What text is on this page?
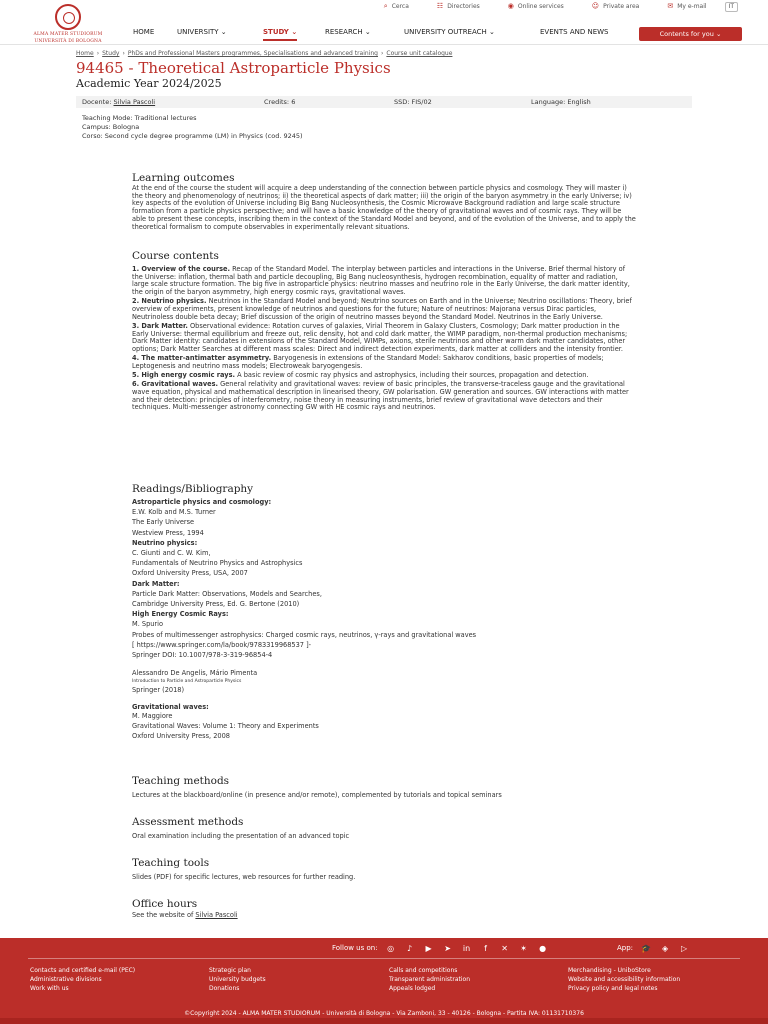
⌕ Cerca	☷ Directories	◉ Online services	☺ Private area	✉ My e-mail	IT
ALMA MATER STUDIORUM
UNIVERSITÀ DI BOLOGNA
HOME	UNIVERSITY ⌄	STUDY ⌄	RESEARCH ⌄	UNIVERSITY OUTREACH ⌄	EVENTS AND NEWS	Contents for you
⌄
Home › Study › PhDs and Professional Masters programmes, Specialisations and advanced training › Course unit catalogue
94465 - Theoretical Astroparticle Physics
Academic Year 2024/2025
Docente: Silvia Pascoli	Credits: 6	SSD: FIS/02	Language: English
Teaching Mode: Traditional lectures
Campus: Bologna
Corso: Second cycle degree programme (LM) in Physics (cod. 9245)
Learning outcomes

At the end of the course the student will acquire a deep understanding of the connection between particle physics and cosmology. They will master i) the theory and phenomenology of neutrinos; ii) the theoretical aspects of dark matter; iii) the origin of the baryon asymmetry in the early Universe; iv) key aspects of the evolution of Universe including Big Bang Nucleosynthesis, the Cosmic Microwave Background radiation and large scale structure formation from a particle physics perspective; and will have a basic knowledge of the theory of gravitational waves and of cosmic rays. They will be able to present these concepts, inscribing them in the context of the Standard Model and beyond, and of the evolution of the Universe, and to apply the theoretical formalism to compute observables in experimentally relevant situations.

Course contents

1. Overview of the course. Recap of the Standard Model. The interplay between particles and interactions in the Universe. Brief thermal history of the Universe: inflation, thermal bath and particle decoupling, Big Bang nucleosynthesis, hydrogen recombination, equality of matter and radiation, large scale structure formation. The big five in astroparticle physics: neutrino masses and neutrino role in the Early Universe, the dark matter identity, the origin of the baryon asymmetry, high energy cosmic rays, gravitational waves.

2. Neutrino physics. Neutrinos in the Standard Model and beyond; Neutrino sources on Earth and in the Universe; Neutrino oscillations: Theory, brief overview of experiments, present knowledge of neutrinos and questions for the future; Nature of neutrinos: Majorana versus Dirac particles, Neutrinoless double beta decay; Brief discussion of the origin of neutrino masses beyond the Standard Model. Neutrinos in the Early Universe.

3. Dark Matter. Observational evidence: Rotation curves of galaxies, Virial Theorem in Galaxy Clusters, Cosmology; Dark matter production in the Early Universe: thermal equilibrium and freeze out, relic density, hot and cold dark matter, the WIMP paradigm, non-thermal production mechanisms; Dark Matter identity: candidates in extensions of the Standard Model, WIMPs, axions, sterile neutrinos and other warm dark matter candidates, other options; Dark Matter Searches at different mass scales: Direct and indirect detection experiments, dark matter at colliders and the intensity frontier.

4. The matter-antimatter asymmetry. Baryogenesis in extensions of the Standard Model: Sakharov conditions, basic properties of models; Leptogenesis and neutrino mass models; Electroweak baryogengesis.

5. High energy cosmic rays. A basic review of cosmic ray physics and astrophysics, including their sources, propagation and detection.

6. Gravitational waves. General relativity and gravitational waves: review of basic principles, the transverse-traceless gauge and the gravitational wave equation, physical and mathematical description in linearised theory, GW polarisation. GW generation and sources. GW interactions with matter and their detection: principles of interferometry, noise theory in measuring instruments, brief review of gravitational wave detectors and their techniques. Multi-messenger astronomy connecting GW with HE cosmic rays and neutrinos.

Readings/Bibliography
Astroparticle physics and cosmology:
E.W. Kolb and M.S. Turner
The Early Universe
Westview Press, 1994
Neutrino physics:
C. Giunti and C. W. Kim,
Fundamentals of Neutrino Physics and Astrophysics
Oxford University Press, USA, 2007
Dark Matter:
Particle Dark Matter: Observations, Models and Searches,
Cambridge University Press, Ed. G. Bertone (2010)
High Energy Cosmic Rays:
M. Spurio
Probes of multimessenger astrophysics: Charged cosmic rays, neutrinos, γ-rays and gravitational waves
[ https://www.springer.com/la/book/9783319968537 ]-
Springer DOI: 10.1007/978-3-319-96854-4
Alessandro De Angelis, Mário Pimenta
Introduction to Particle and Astroparticle Physics
Springer (2018)
Gravitational waves:
M. Maggiore
Gravitational Waves: Volume 1: Theory and Experiments
Oxford University Press, 2008
Teaching methods

Lectures at the blackboard/online (in presence and/or remote), complemented by tutorials and topical seminars

Assessment methods

Oral examination including the presentation of an advanced topic

Teaching tools

Slides (PDF) for specific lectures, web resources for further reading.

Office hours

See the website of Silvia Pascoli

Follow us on:	◎	♪	▶	➤	in	f	✕	✶	●	App: 🎓	◈	▷
Contacts and certified e-mail (PEC)
Administrative divisions
Work with us
Strategic plan
University budgets
Donations
Calls and competitions
Transparent administration
Appeals lodged
Merchandising - UniboStore
Website and accessibility information
Privacy policy and legal notes
©Copyright 2024 - ALMA MATER STUDIORUM - Università di Bologna - Via Zamboni, 33 - 40126 - Bologna - Partita IVA: 01131710376
